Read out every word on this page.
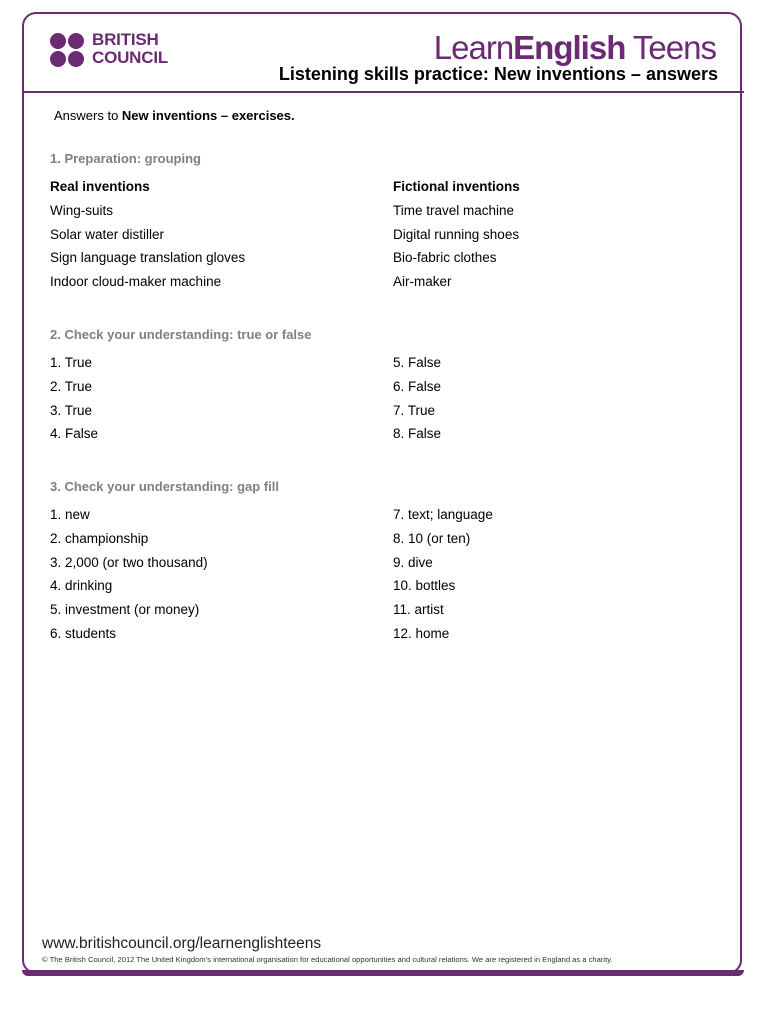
BRITISH
COUNCIL	LearnEnglish Teens
Listening skills practice: New inventions – answers
Answers to New inventions – exercises.
1. Preparation: grouping
Real inventions
Wing-suits
Solar water distiller
Sign language translation gloves
Indoor cloud-maker machine
Fictional inventions
Time travel machine
Digital running shoes
Bio-fabric clothes
Air-maker
2. Check your understanding: true or false
1. True
2. True
3. True
4. False
5. False
6. False
7. True
8. False
3. Check your understanding: gap fill
1. new
2. championship
3. 2,000 (or two thousand)
4. drinking
5. investment (or money)
6. students
7. text; language
8. 10 (or ten)
9. dive
10. bottles
11. artist
12. home
www.britishcouncil.org/learnenglishteens
© The British Council, 2012 The United Kingdom’s international organisation for educational opportunities and cultural relations. We are registered in England as a charity.
